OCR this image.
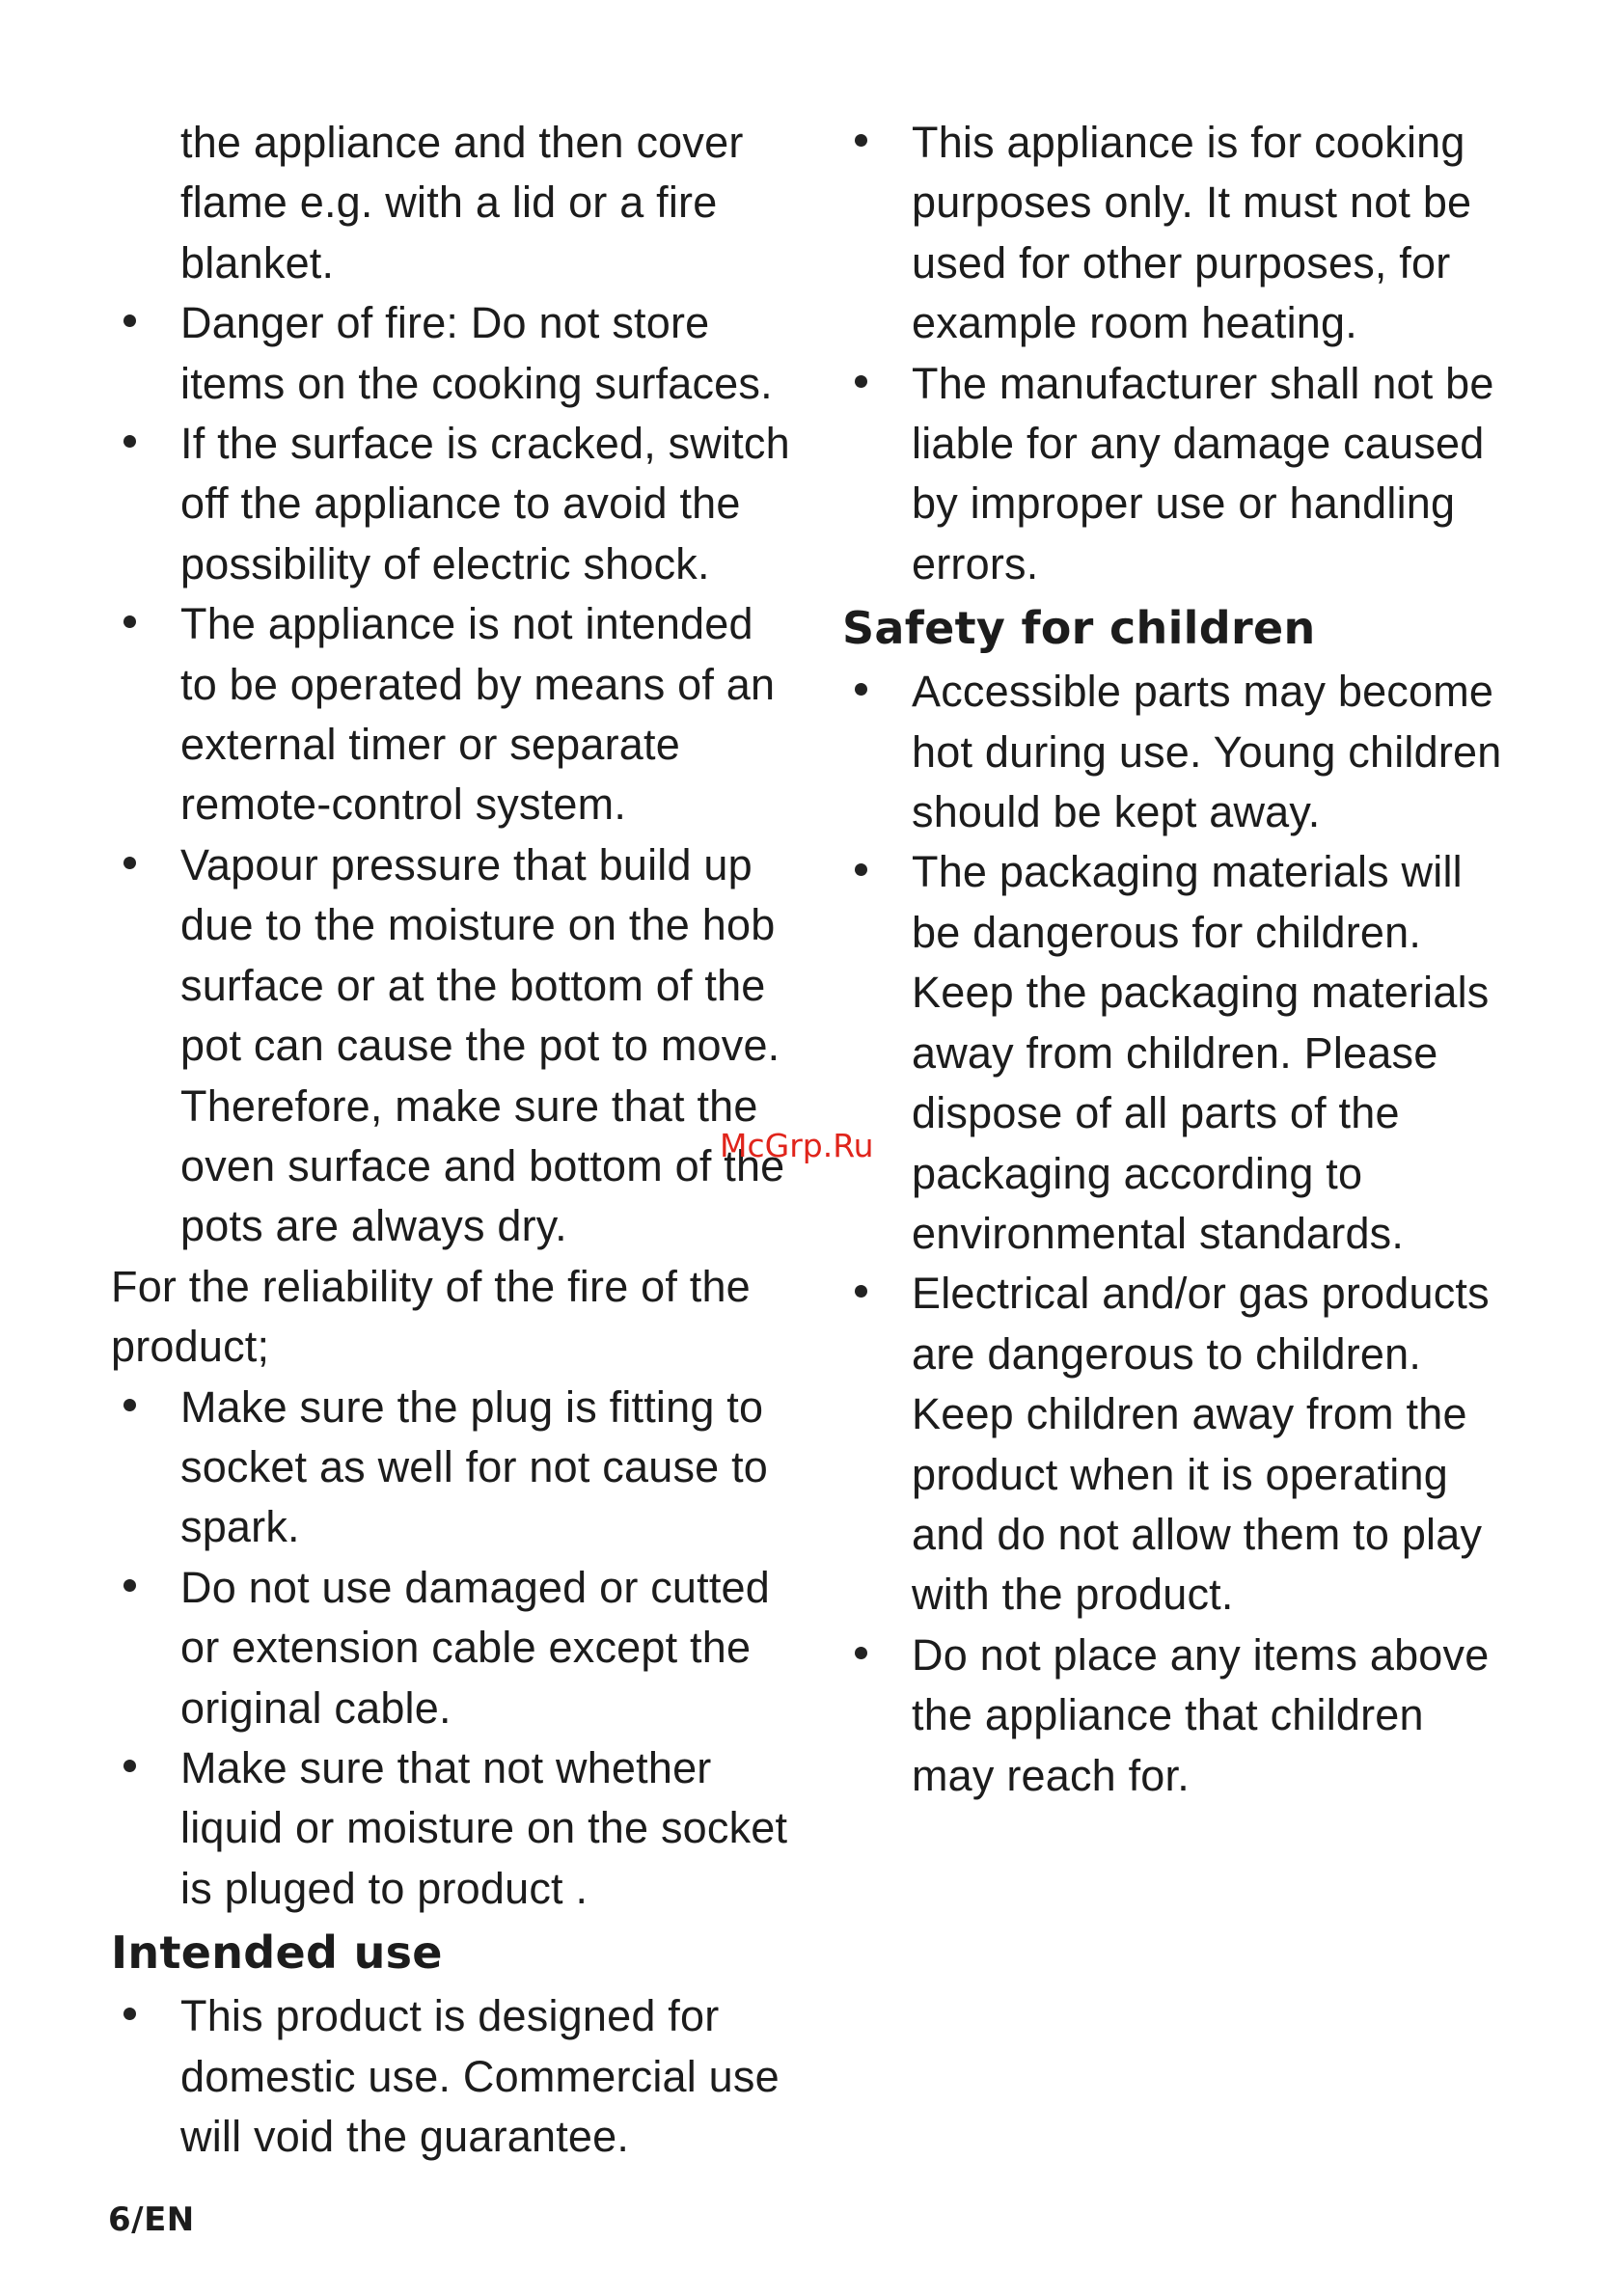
the appliance and then cover
flame e.g. with a lid or a fire
blanket.
Danger of fire: Do not store
items on the cooking surfaces.
If the surface is cracked, switch
off the appliance to avoid the
possibility of electric shock.
The appliance is not intended
to be operated by means of an
external timer or separate
remote-control system.
Vapour pressure that build up
due to the moisture on the hob
surface or at the bottom of the
pot can cause the pot to move.
Therefore, make sure that the
oven surface and bottom of the
pots are always dry.
For the reliability of the fire of the
product;
Make sure the plug is fitting to
socket as well for not cause to
spark.
Do not use damaged or cutted
or extension cable except the
original cable.
Make sure that not whether
liquid or moisture on the socket
is pluged to product .
Intended use
This product is designed for
domestic use. Commercial use
will void the guarantee.
This appliance is for cooking
purposes only. It must not be
used for other purposes, for
example room heating.
The manufacturer shall not be
liable for any damage caused
by improper use or handling
errors.
Safety for children
Accessible parts may become
hot during use. Young children
should be kept away.
The packaging materials will
be dangerous for children.
Keep the packaging materials
away from children. Please
dispose of all parts of the
packaging according to
environmental standards.
Electrical and/or gas products
are dangerous to children.
Keep children away from the
product when it is operating
and do not allow them to play
with the product.
Do not place any items above
the appliance that children
may reach for.
6/EN
McGrp.Ru
